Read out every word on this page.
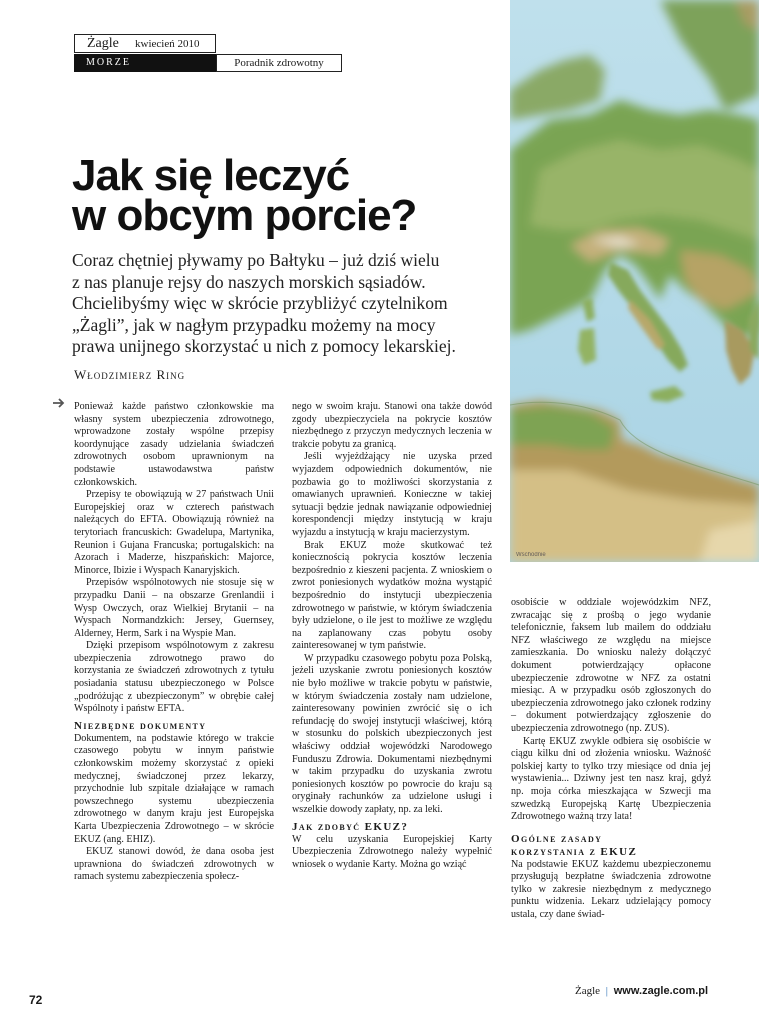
Żagle kwiecień 2010
MORZE	Poradnik zdrowotny
Wschodnie
Jak się leczyć
w obcym porcie?
Coraz chętniej pływamy po Bałtyku – już dziś wielu
z nas planuje rejsy do naszych morskich sąsiadów.
Chcielibyśmy więc w skrócie przybliżyć czytelnikom
„Żagli”, jak w nagłym przypadku możemy na mocy
prawa unijnego skorzystać u nich z pomocy lekarskiej.
Włodzimierz Ring

Ponieważ każde państwo członkowskie ma własny system ubezpieczenia zdrowotnego, wprowadzone zostały wspólne przepisy koordynujące zasady udzielania świadczeń zdrowotnych osobom uprawnionym na podstawie ustawodawstwa państw członkowskich.

Przepisy te obowiązują w 27 państwach Unii Europejskiej oraz w czterech państwach należących do EFTA. Obowiązują również na terytoriach francuskich: Gwadelupa, Martynika, Reunion i Gujana Francuska; portugalskich: na Azorach i Maderze, hiszpańskich: Majorce, Minorce, Ibizie i Wyspach Kanaryjskich.

Przepisów wspólnotowych nie stosuje się w przypadku Danii – na obszarze Grenlandii i Wysp Owczych, oraz Wielkiej Brytanii – na Wyspach Normandzkich: Jersey, Guernsey, Alderney, Herm, Sark i na Wyspie Man.

Dzięki przepisom wspólnotowym z zakresu ubezpieczenia zdrowotnego prawo do korzystania ze świadczeń zdrowotnych z tytułu posiadania statusu ubezpieczonego w Polsce „podróżując z ubezpieczonym” w obrębie całej Wspólnoty i państw EFTA.

Niezbędne dokumenty

Dokumentem, na podstawie którego w trakcie czasowego pobytu w innym państwie członkowskim możemy skorzystać z opieki medycznej, świadczonej przez lekarzy, przychodnie lub szpitale działające w ramach powszechnego systemu ubezpieczenia zdrowotnego w danym kraju jest Europejska Karta Ubezpieczenia Zdrowotnego – w skrócie EKUZ (ang. EHIZ).

EKUZ stanowi dowód, że dana osoba jest uprawniona do świadczeń zdrowotnych w ramach systemu zabezpieczenia społecz-

nego w swoim kraju. Stanowi ona także dowód zgody ubezpieczyciela na pokrycie kosztów niezbędnego z przyczyn medycznych leczenia w trakcie pobytu za granicą.

Jeśli wyjeżdżający nie uzyska przed wyjazdem odpowiednich dokumentów, nie pozbawia go to możliwości skorzystania z omawianych uprawnień. Konieczne w takiej sytuacji będzie jednak nawiązanie odpowiedniej korespondencji między instytucją w kraju wyjazdu a instytucją w kraju macierzystym.

Brak EKUZ może skutkować też koniecznością pokrycia kosztów leczenia bezpośrednio z kieszeni pacjenta. Z wnioskiem o zwrot poniesionych wydatków można wystąpić bezpośrednio do instytucji ubezpieczenia zdrowotnego w państwie, w którym świadczenia były udzielone, o ile jest to możliwe ze względu na zaplanowany czas pobytu osoby zainteresowanej w tym państwie.

W przypadku czasowego pobytu poza Polską, jeżeli uzyskanie zwrotu poniesionych kosztów nie było możliwe w trakcie pobytu w państwie, w którym świadczenia zostały nam udzielone, zainteresowany powinien zwrócić się o ich refundację do swojej instytucji właściwej, którą w stosunku do polskich ubezpieczonych jest właściwy oddział wojewódzki Narodowego Funduszu Zdrowia. Dokumentami niezbędnymi w takim przypadku do uzyskania zwrotu poniesionych kosztów po powrocie do kraju są oryginały rachunków za udzielone usługi i wszelkie dowody zapłaty, np. za leki.

Jak zdobyć EKUZ?

W celu uzyskania Europejskiej Karty Ubezpieczenia Zdrowotnego należy wypełnić wniosek o wydanie Karty. Można go wziąć

osobiście w oddziale wojewódzkim NFZ, zwracając się z prośbą o jego wydanie telefonicznie, faksem lub mailem do oddziału NFZ właściwego ze względu na miejsce zamieszkania. Do wniosku należy dołączyć dokument potwierdzający opłacone ubezpieczenie zdrowotne w NFZ za ostatni miesiąc. A w przypadku osób zgłoszonych do ubezpieczenia zdrowotnego jako członek rodziny – dokument potwierdzający zgłoszenie do ubezpieczenia zdrowotnego (np. ZUS).

Kartę EKUZ zwykle odbiera się osobiście w ciągu kilku dni od złożenia wniosku. Ważność polskiej karty to tylko trzy miesiące od dnia jej wystawienia... Dziwny jest ten nasz kraj, gdyż np. moja córka mieszkająca w Szwecji ma szwedzką Europejską Kartę Ubezpieczenia Zdrowotnego ważną trzy lata!

Ogólne zasady
korzystania z EKUZ

Na podstawie EKUZ każdemu ubezpieczonemu przysługują bezpłatne świadczenia zdrowotne tylko w zakresie niezbędnym z medycznego punktu widzenia. Lekarz udzielający pomocy ustala, czy dane świad-

72
Żagle | www.zagle.com.pl
